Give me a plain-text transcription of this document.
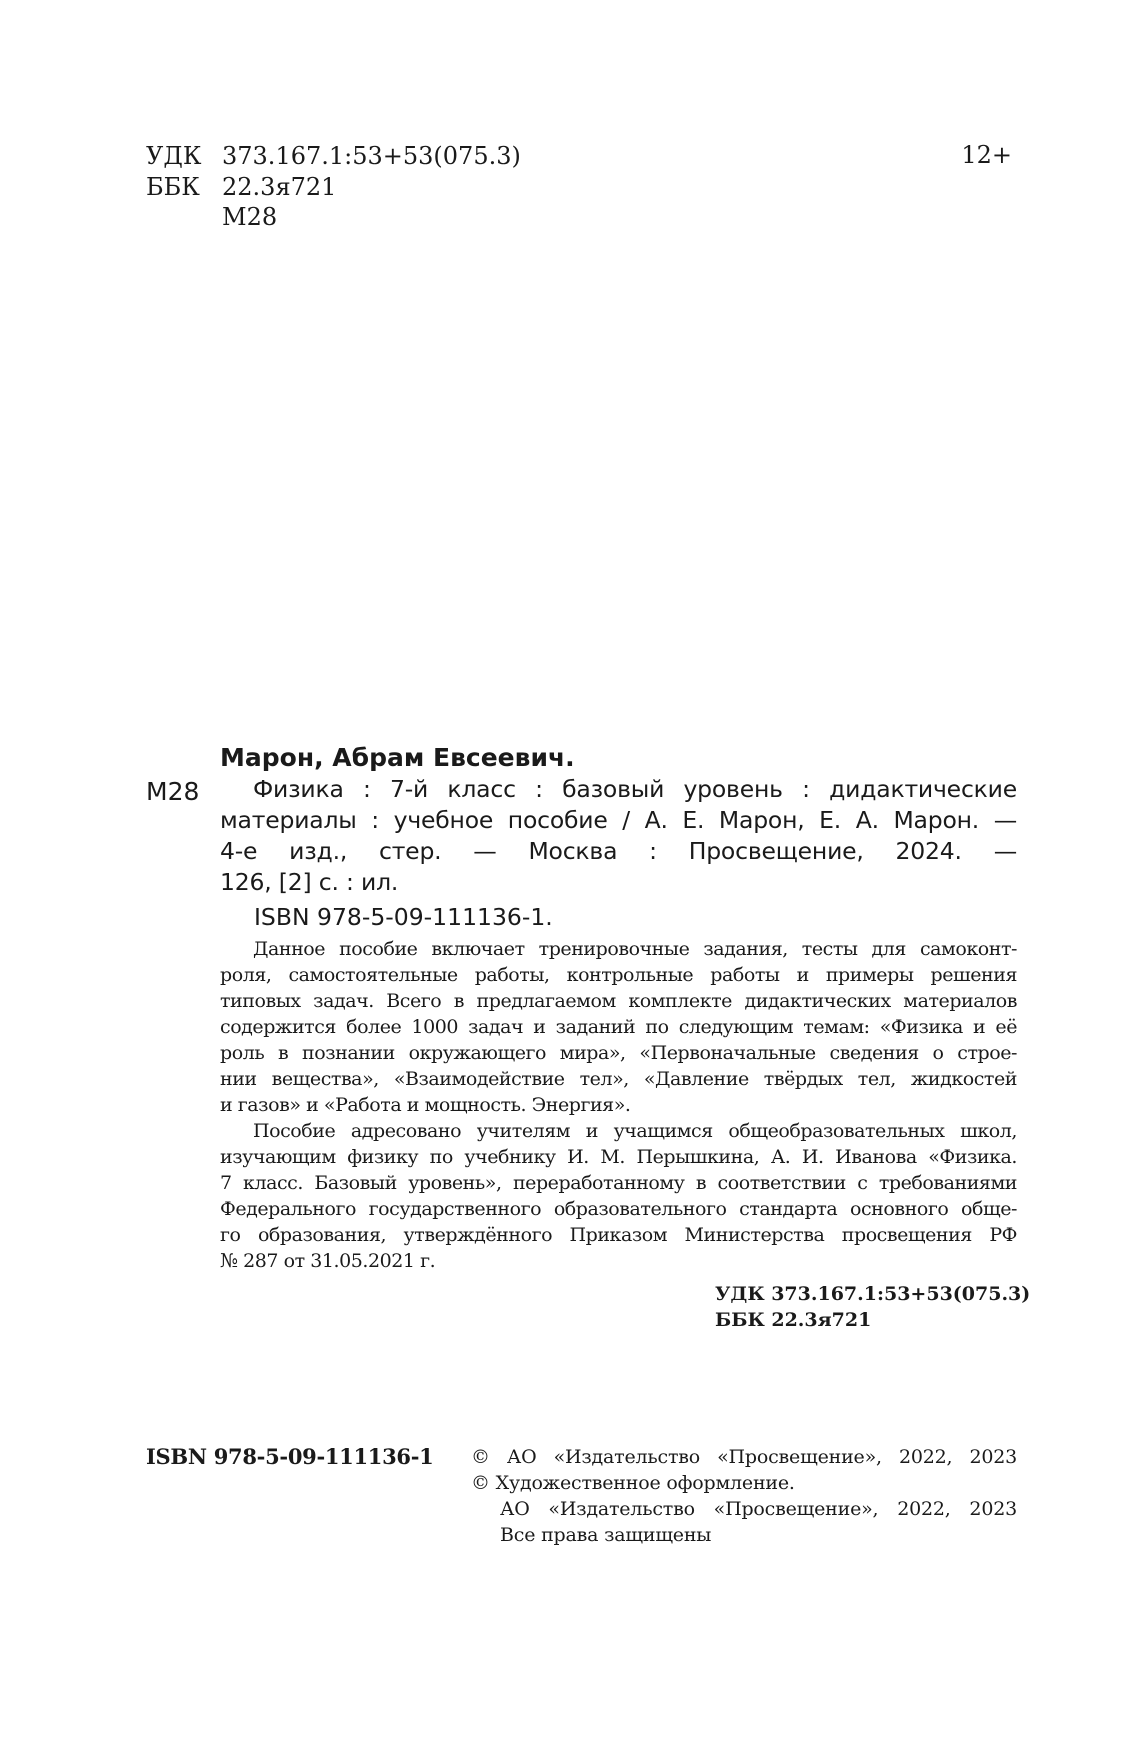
УДК 373.167.1:53+53(075.3)
ББК 22.3я721
М28
12+
Марон, Абрам Евсеевич.
М28 Физика : 7-й класс : базовый уровень : дидактические
материалы : учебное пособие / А. Е. Марон, Е. А. Марон. —
4-е изд., стер. — Москва : Просвещение, 2024. —
126, [2] с. : ил.
ISBN 978-5-09-111136-1.
Данное пособие включает тренировочные задания, тесты для самоконт-
роля, самостоятельные работы, контрольные работы и примеры решения
типовых задач. Всего в предлагаемом комплекте дидактических материалов
содержится более 1000 задач и заданий по следующим темам: «Физика и её
роль в познании окружающего мира», «Первоначальные сведения о строе-
нии вещества», «Взаимодействие тел», «Давление твёрдых тел, жидкостей
и газов» и «Работа и мощность. Энергия».
Пособие адресовано учителям и учащимся общеобразовательных школ,
изучающим физику по учебнику И. М. Перышкина, А. И. Иванова «Физика.
7 класс. Базовый уровень», переработанному в соответствии с требованиями
Федерального государственного образовательного стандарта основного обще-
го образования, утверждённого Приказом Министерства просвещения РФ
№ 287 от 31.05.2021 г.
УДК 373.167.1:53+53(075.3)
ББК 22.3я721
ISBN 978-5-09-111136-1 © АО «Издательство «Просвещение», 2022, 2023
© Художественное оформление.
АО «Издательство «Просвещение», 2022, 2023
Все права защищены
